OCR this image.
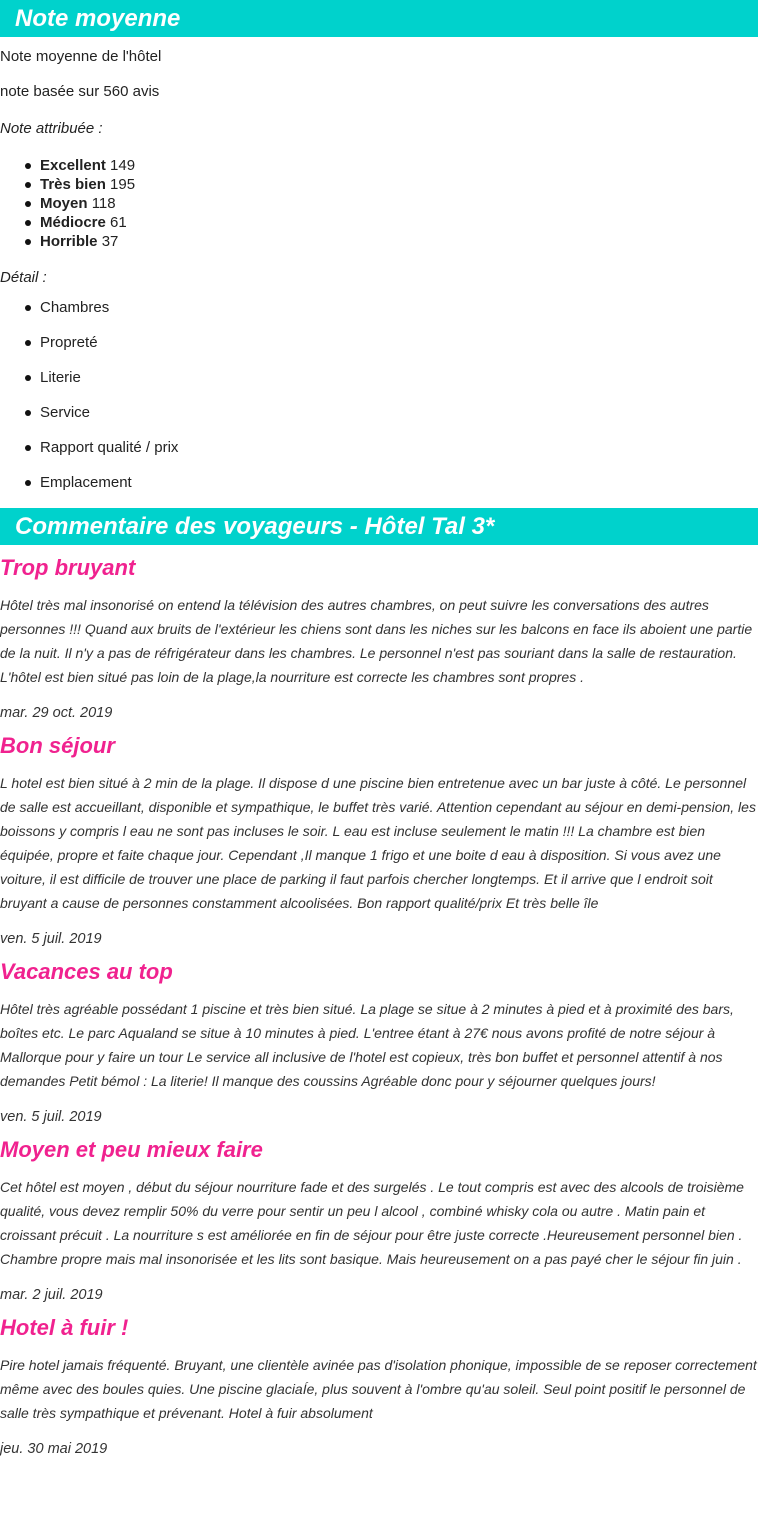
Note moyenne

Note moyenne de l'hôtel

note basée sur 560 avis

Note attribuée :

Excellent 149
Très bien 195
Moyen 118
Médiocre 61
Horrible 37

Détail :

Chambres
Propreté
Literie
Service
Rapport qualité / prix
Emplacement
Commentaire des voyageurs - Hôtel Tal 3*
Trop bruyant

Hôtel très mal insonorisé on entend la télévision des autres chambres, on peut suivre les conversations des autres personnes !!! Quand aux bruits de l'extérieur les chiens sont dans les niches sur les balcons en face ils aboient une partie de la nuit. Il n'y a pas de réfrigérateur dans les chambres. Le personnel n'est pas souriant dans la salle de restauration. L'hôtel est bien situé pas loin de la plage,la nourriture est correcte les chambres sont propres .

mar. 29 oct. 2019

Bon séjour

L hotel est bien situé à 2 min de la plage. Il dispose d une piscine bien entretenue avec un bar juste à côté. Le personnel de salle est accueillant, disponible et sympathique, le buffet très varié. Attention cependant au séjour en demi-pension, les boissons y compris l eau ne sont pas incluses le soir. L eau est incluse seulement le matin !!! La chambre est bien équipée, propre et faite chaque jour. Cependant ,Il manque 1 frigo et une boite d eau à disposition. Si vous avez une voiture, il est difficile de trouver une place de parking il faut parfois chercher longtemps. Et il arrive que l endroit soit bruyant a cause de personnes constamment alcoolisées. Bon rapport qualité/prix Et très belle île

ven. 5 juil. 2019

Vacances au top

Hôtel très agréable possédant 1 piscine et très bien situé. La plage se situe à 2 minutes à pied et à proximité des bars, boîtes etc. Le parc Aqualand se situe à 10 minutes à pied. L'entree étant à 27€ nous avons profité de notre séjour à Mallorque pour y faire un tour Le service all inclusive de l'hotel est copieux, très bon buffet et personnel attentif à nos demandes Petit bémol : La literie! Il manque des coussins Agréable donc pour y séjourner quelques jours!

ven. 5 juil. 2019

Moyen et peu mieux faire

Cet hôtel est moyen , début du séjour nourriture fade et des surgelés . Le tout compris est avec des alcools de troisième qualité, vous devez remplir 50% du verre pour sentir un peu l alcool , combiné whisky cola ou autre . Matin pain et croissant précuit . La nourriture s est améliorée en fin de séjour pour être juste correcte .Heureusement personnel bien . Chambre propre mais mal insonorisée et les lits sont basique. Mais heureusement on a pas payé cher le séjour fin juin .

mar. 2 juil. 2019

Hotel à fuir !

Pire hotel jamais fréquenté. Bruyant, une clientèle avinée pas d'isolation phonique, impossible de se reposer correctement même avec des boules quies. Une piscine glaciaÍe, plus souvent à l'ombre qu'au soleil. Seul point positif le personnel de salle très sympathique et prévenant. Hotel à fuir absolument

jeu. 30 mai 2019
